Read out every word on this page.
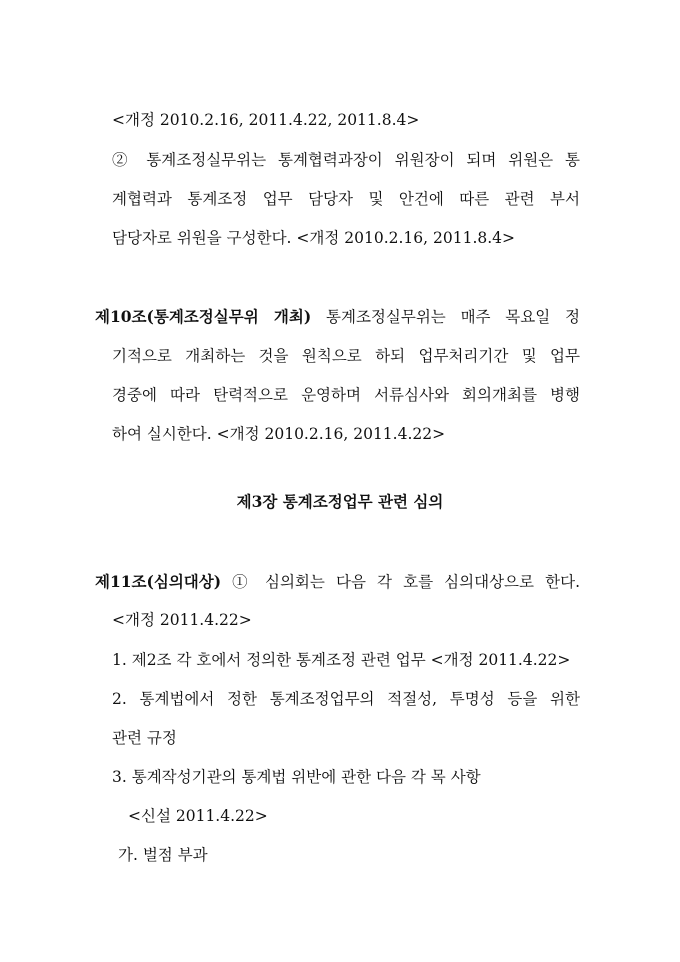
<개정 2010.2.16, 2011.4.22, 2011.8.4>
② 통계조정실무위는 통계협력과장이 위원장이 되며 위원은 통
계협력과 통계조정 업무 담당자 및 안건에 따른 관련 부서
담당자로 위원을 구성한다. <개정 2010.2.16, 2011.8.4>
제10조(통계조정실무위 개최) 통계조정실무위는 매주 목요일 정
기적으로 개최하는 것을 원칙으로 하되 업무처리기간 및 업무
경중에 따라 탄력적으로 운영하며 서류심사와 회의개최를 병행
하여 실시한다. <개정 2010.2.16, 2011.4.22>
제3장 통계조정업무 관련 심의
제11조(심의대상) ① 심의회는 다음 각 호를 심의대상으로 한다.
<개정 2011.4.22>
1. 제2조 각 호에서 정의한 통계조정 관련 업무 <개정 2011.4.22>
2. 통계법에서 정한 통계조정업무의 적절성, 투명성 등을 위한
관련 규정
3. 통계작성기관의 통계법 위반에 관한 다음 각 목 사항
<신설 2011.4.22>
가. 벌점 부과
